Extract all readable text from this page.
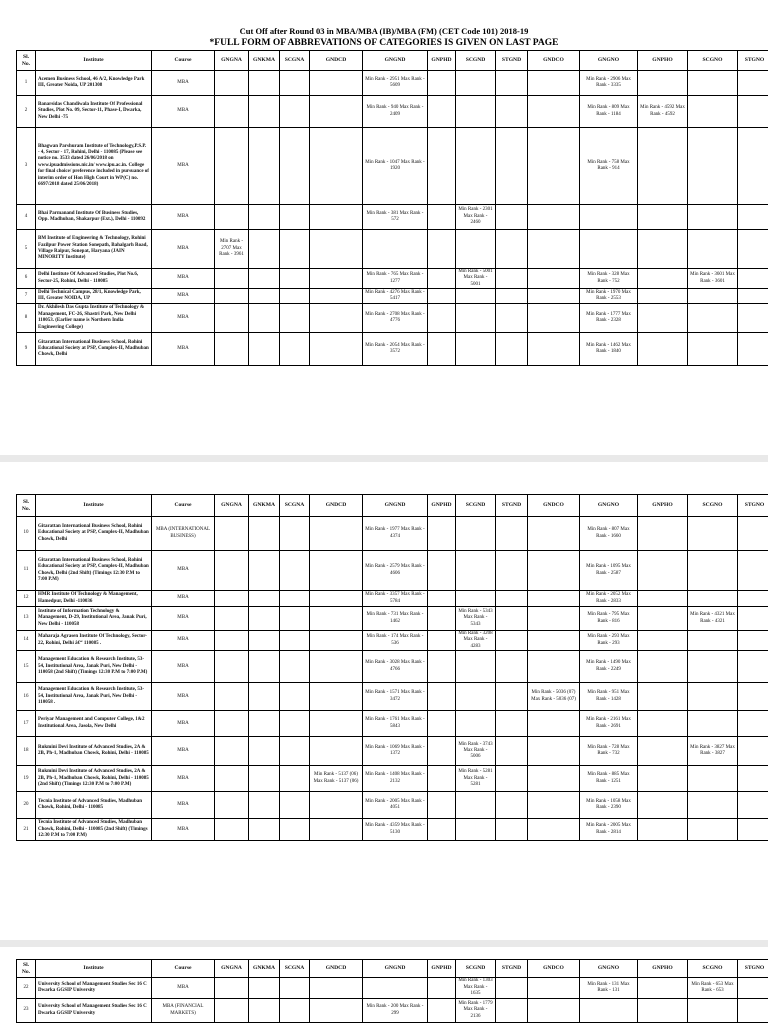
Cut Off after Round 03 in MBA/MBA (IB)/MBA (FM) (CET Code 101) 2018-19
*FULL FORM OF ABBREVATIONS OF CATEGORIES IS GIVEN ON LAST PAGE
Sl. No.	Institute	Course	GNGNA	GNKMA	SCGNA	GNDCD	GNGND	GNPHD	SCGND	STGND	GNDCO	GNGNO	GNPHO	SCGNO	STGNO
1	Acemen Business School, 46 A/2, Knowledge Park III, Greater Noida, UP 201308	MBA					Min Rank - 2951 Max Rank - 5609					Min Rank - 2906 Max Rank - 3335			
2	Banarsidas Chandiwala Institute Of Professional Studies, Plot No. 09, Sector-11, Phase-I, Dwarka, New Delhi -75	MBA					Min Rank - 940 Max Rank - 2409					Min Rank - 809 Max Rank - 1184	Min Rank - 4592 Max Rank - 4592		
3	Bhagwan Parshuram Institute of Technology,P.S.P. - 4, Sector - 17, Rohini, Delhi - 110085 (Please see notice no. 3533 dated 26/06/2018 on www.ipuadmissions.nic.in/ www.ipu.ac.in. College for final choice/ preference included in pursuance of interim order of Hon High Court in WP(C) no. 6697/2018 dated 25/06/2018)	MBA					Min Rank - 1047 Max Rank - 1920					Min Rank - 758 Max Rank - 914			
4	Bhai Parmanand Institute Of Business Studies, Opp. Madhuban, Shakarpur (Ext.), Delhi - 110092	MBA					Min Rank - 381 Max Rank - 572		Min Rank - 2301 Max Rank - 2460						
5	BM Institute of Engineering & Technology, Rohini Fazilpur Power Station Sonepath, Bahalgarh Road, Village Raipur, Sonepat, Haryana (JAIN MINORITY Institute)	MBA	Min Rank - 2707 Max Rank - 3961												
6	Delhi Institute Of Advanced Studies, Plot No.6, Sector-25, Rohini, Delhi - 110085	MBA					Min Rank - 765 Max Rank - 1277		Min Rank - 5001 Max Rank - 5001			Min Rank - 328 Max Rank - 752		Min Rank - 3601 Max Rank - 3601	
7	Delhi Technical Campus, 28/1, Knowledge Park, III, Greater NOIDA, UP	MBA					Min Rank - 4276 Max Rank - 5417					Min Rank - 1970 Max Rank - 2553			
8	Dr. Akhilesh Das Gupta Institute of Technology & Management, FC-26, Shastri Park, New Delhi 110053. (Earlier name is Northern India Engineering College)	MBA					Min Rank - 2708 Max Rank - 4776					Min Rank - 1777 Max Rank - 2328			
9	Gitarattan International Business School, Rohini Educational Society at PSP, Complex-II, Madhuban Chowk, Delhi	MBA					Min Rank - 2054 Max Rank - 3572					Min Rank - 1462 Max Rank - 1840			
Sl. No.	Institute	Course	GNGNA	GNKMA	SCGNA	GNDCD	GNGND	GNPHD	SCGND	STGND	GNDCO	GNGNO	GNPHO	SCGNO	STGNO
10	Gitarattan International Business School, Rohini Educational Society at PSP, Complex-II, Madhuban Chowk, Delhi	MBA (INTERNATIONAL BUSINESS)					Min Rank - 1977 Max Rank - 4374					Min Rank - 807 Max Rank - 1660			
11	Gitarattan International Business School, Rohini Educational Society at PSP, Complex-II, Madhuban Chowk, Delhi (2nd Shift) (Timings 12:30 P.M to 7:00 P.M)	MBA					Min Rank - 2579 Max Rank - 4606					Min Rank - 1095 Max Rank - 2587			
12	HMR Institute Of Technology & Management, Hamedpur, Delhi -110036	MBA					Min Rank - 3357 Max Rank - 5784					Min Rank - 2052 Max Rank - 2833			
13	Institute of Information Technology & Management, D-29, Institutional Area, Janak Puri, New Delhi - 110058	MBA					Min Rank - 731 Max Rank - 1462		Min Rank - 5343 Max Rank - 5343			Min Rank - 795 Max Rank - 816		Min Rank - 4321 Max Rank - 4321	
14	Maharaja Agrasen Institute Of Technology, Sector-22, Rohini, Delhi â€“ 110085 .	MBA					Min Rank - 174 Max Rank - 536		Min Rank - 3208 Max Rank - 4283			Min Rank - 293 Max Rank - 293			
15	Management Education & Research Institute, 53-54, Institutional Area, Janak Puri, New Delhi - 110058 (2nd Shift) (Timings 12:30 P.M to 7:00 P.M)	MBA					Min Rank - 3028 Max Rank - 4766					Min Rank - 1490 Max Rank - 2249			
16	Management Education & Research Institute, 53-54, Institutional Area, Janak Puri, New Delhi - 110058 .	MBA					Min Rank - 1571 Max Rank - 3472				Min Rank - 5036 (07) Max Rank - 5036 (07)	Min Rank - 951 Max Rank - 1428			
17	Periyar Management and Computer College, 1&2 Institutional Area, Jasola, New Delhi	MBA					Min Rank - 1761 Max Rank - 5843					Min Rank - 2161 Max Rank - 2691			
18	Rukmini Devi Institute of Advanced Studies, 2A & 2B, Ph-1, Madhuban Chowk, Rohini, Delhi - 110085	MBA					Min Rank - 1069 Max Rank - 1372		Min Rank - 3743 Max Rank - 5006			Min Rank - 728 Max Rank - 732		Min Rank - 3827 Max Rank - 3827	
19	Rukmini Devi Institute of Advanced Studies, 2A & 2B, Ph-1, Madhuban Chowk, Rohini, Delhi - 110085 (2nd Shift) (Timings 12:30 P.M to 7:00 P.M)	MBA				Min Rank - 5137 (06) Max Rank - 5137 (06)	Min Rank - 1408 Max Rank - 2132		Min Rank - 5281 Max Rank - 5281			Min Rank - 885 Max Rank - 1251			
20	Tecnia Institute of Advanced Studies, Madhuban Chowk, Rohini, Delhi - 110085	MBA					Min Rank - 2005 Max Rank - 4051					Min Rank - 1058 Max Rank - 2390			
21	Tecnia Institute of Advanced Studies, Madhuban Chowk, Rohini, Delhi - 110085 (2nd Shift) (Timings 12:30 P.M to 7:00 P.M)	MBA					Min Rank - 4359 Max Rank - 5130					Min Rank - 2005 Max Rank - 2814			
Sl. No.	Institute	Course	GNGNA	GNKMA	SCGNA	GNDCD	GNGND	GNPHD	SCGND	STGND	GNDCO	GNGNO	GNPHO	SCGNO	STGNO
22	University School of Management Studies Sec 16 C Dwarka GGSIP University	MBA							Min Rank - 1303 Max Rank - 1635			Min Rank - 131 Max Rank - 131		Min Rank - 653 Max Rank - 653	
23	University School of Management Studies Sec 16 C Dwarka GGSIP University	MBA (FINANCIAL MARKETS)					Min Rank - 200 Max Rank - 299		Min Rank - 1779 Max Rank - 2136						
